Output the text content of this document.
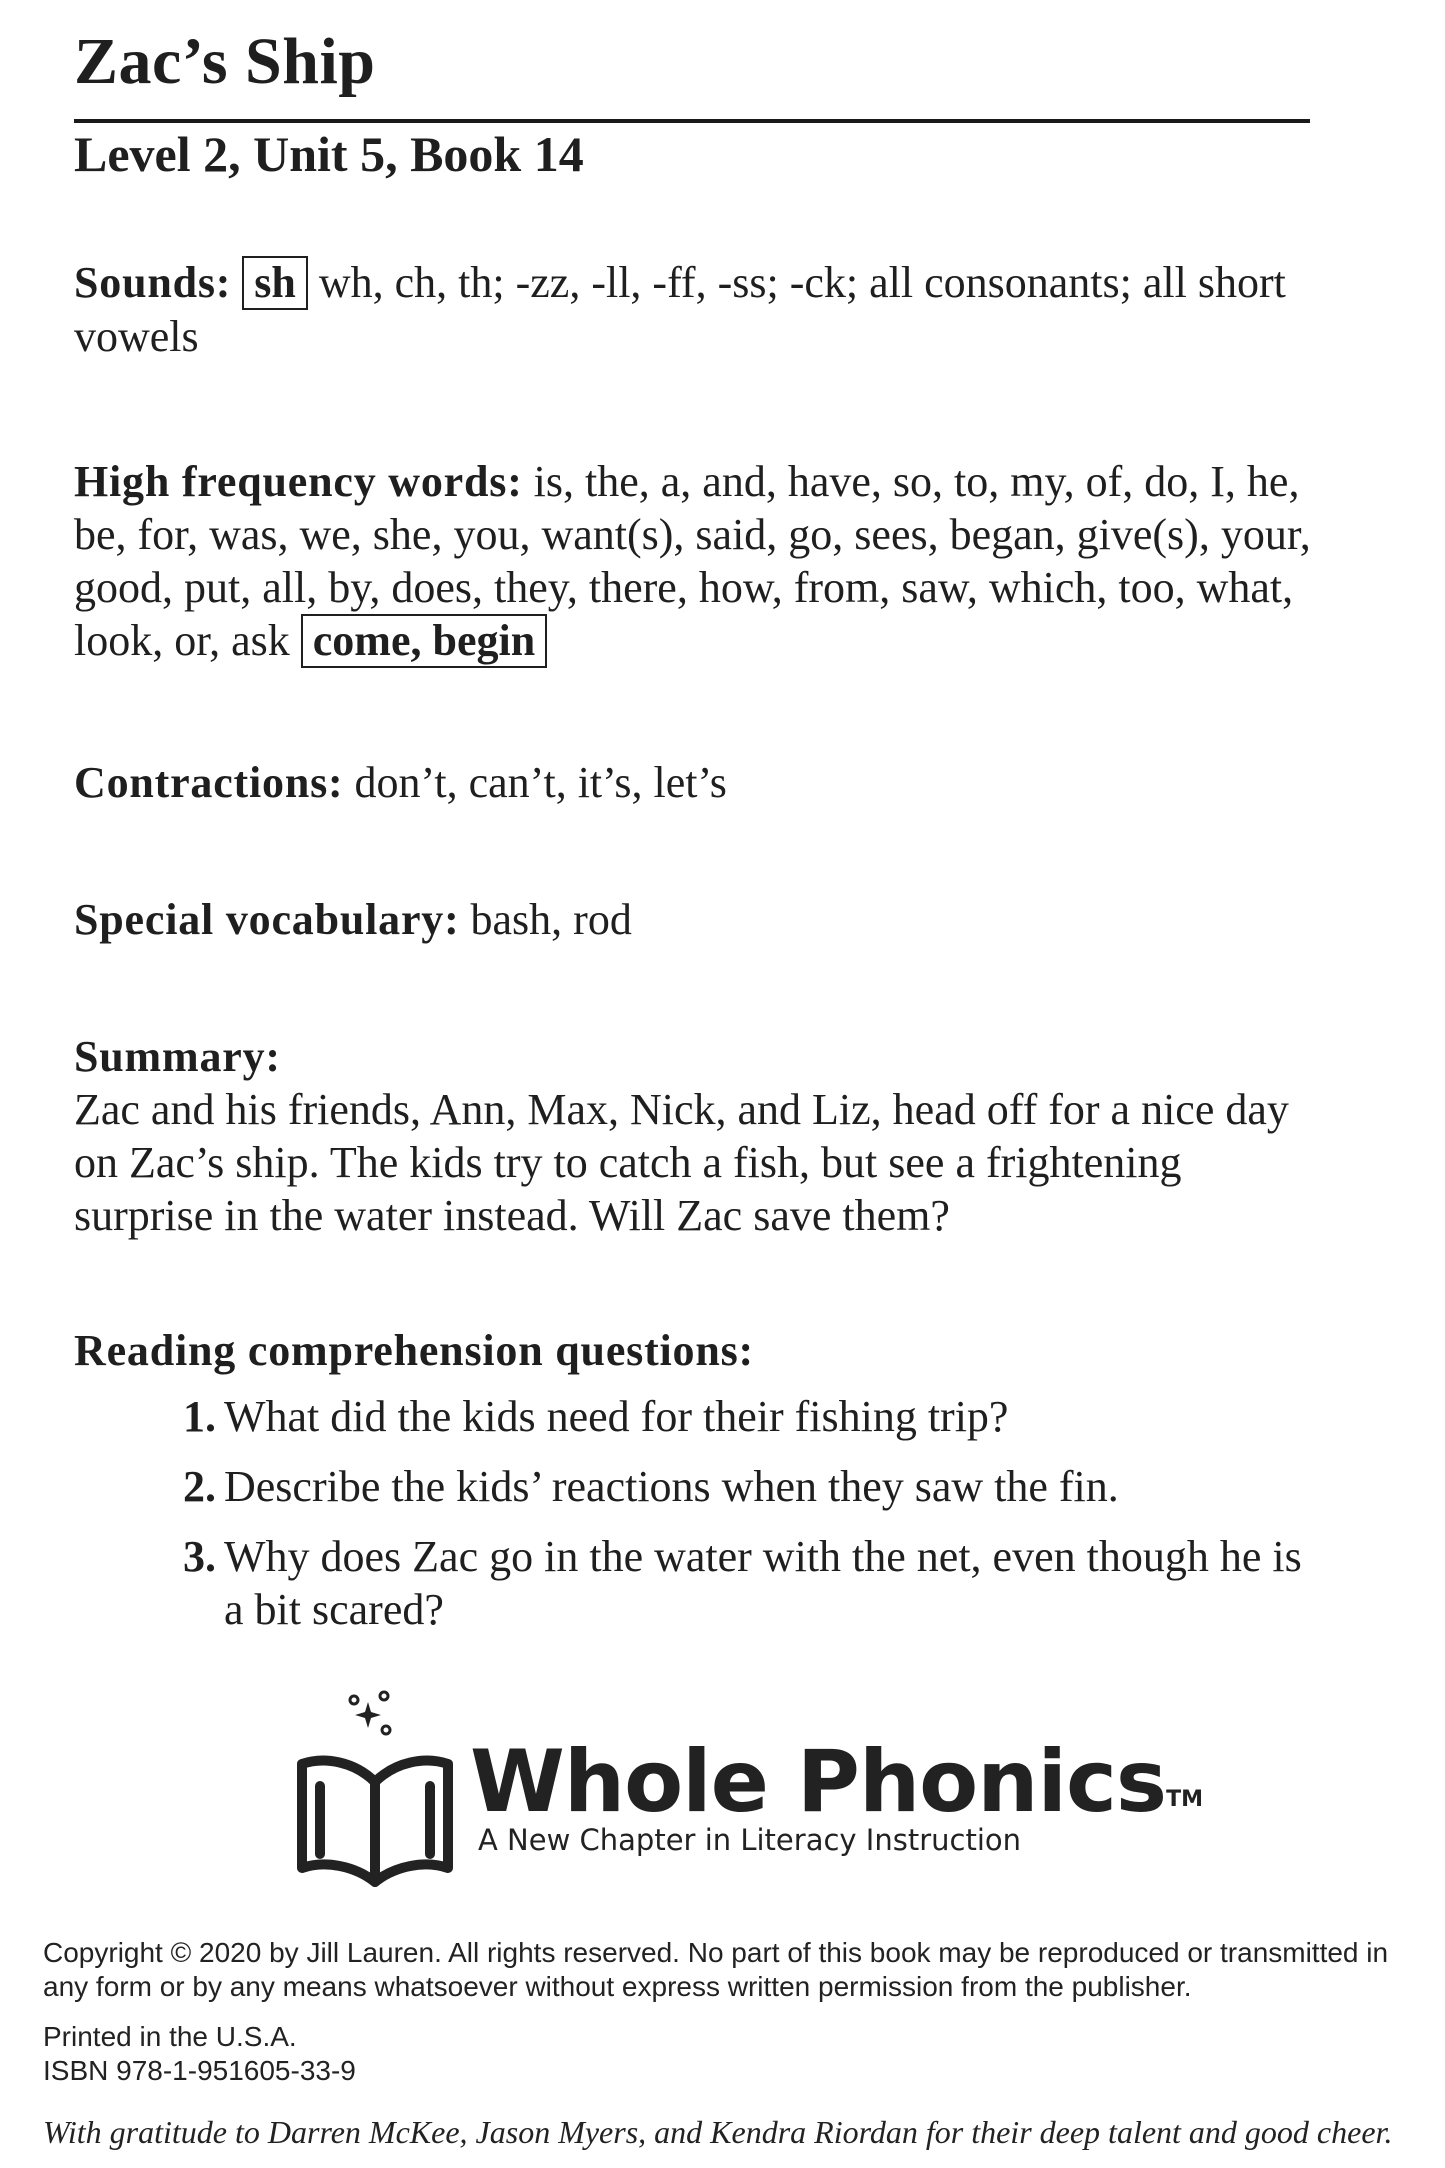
Zac’s Ship
Level 2, Unit 5, Book 14

Sounds: sh wh, ch, th; -zz, -ll, -ff, -ss; -ck; all consonants; all short vowels

High frequency words: is, the, a, and, have, so, to, my, of, do, I, he, be, for, was, we, she, you, want(s), said, go, sees, began, give(s), your, good, put, all, by, does, they, there, how, from, saw, which, too, what, look, or, ask come, begin

Contractions: don’t, can’t, it’s, let’s

Special vocabulary: bash, rod

Summary:
Zac and his friends, Ann, Max, Nick, and Liz, head off for a nice day on Zac’s ship. The kids try to catch a fish, but see a frightening surprise in the water instead. Will Zac save them?
Reading comprehension questions:
1. What did the kids need for their fishing trip?
2. Describe the kids’ reactions when they saw the fin.
3. Why does Zac go in the water with the net, even though he is a bit scared?
Whole Phonics™

A New Chapter in Literacy Instruction

Copyright © 2020 by Jill Lauren. All rights reserved. No part of this book may be reproduced or transmitted in any form or by any means whatsoever without express written permission from the publisher.

Printed in the U.S.A.

ISBN 978-1-951605-33-9

With gratitude to Darren McKee, Jason Myers, and Kendra Riordan for their deep talent and good cheer.
